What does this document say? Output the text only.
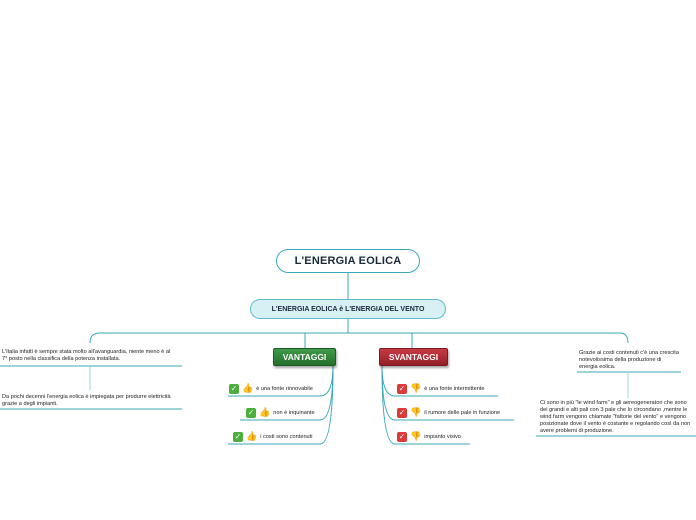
L'ENERGIA EOLICA
L'ENERGIA EOLICA è L'ENERGIA DEL VENTO
L'Italia infatti è sempre stata molto all'avanguardia, niente meno è al 7° posto nella classifica della potenza installata.
Da pochi decenni l'energia eolica è impiegata per produrre elettricità grazie a degli impianti.
VANTAGGI	SVANTAGGI
✓ 👍 è una fonte rinnovabile
✓ 👍 non è inquinante
✓ 👍 i costi sono contenuti
✓ 👎 è una fonte intermittente
✓ 👎 il rumore delle pale in funzione
✓ 👎 impianto visivo
Grazie ai costi contenuti c'è una crescita notevolissima della produzione di energia eolica.
Ci sono in più "le wind farm" e gli aereogeneratori che sono dei grandi e alti pali con 3 pale che lo circondano ,mentre le wind farm vengono chiamate "fattorie del vento" e vengono posizionate dove il vento è costante e regolando così da non avere problemi di produzione.
